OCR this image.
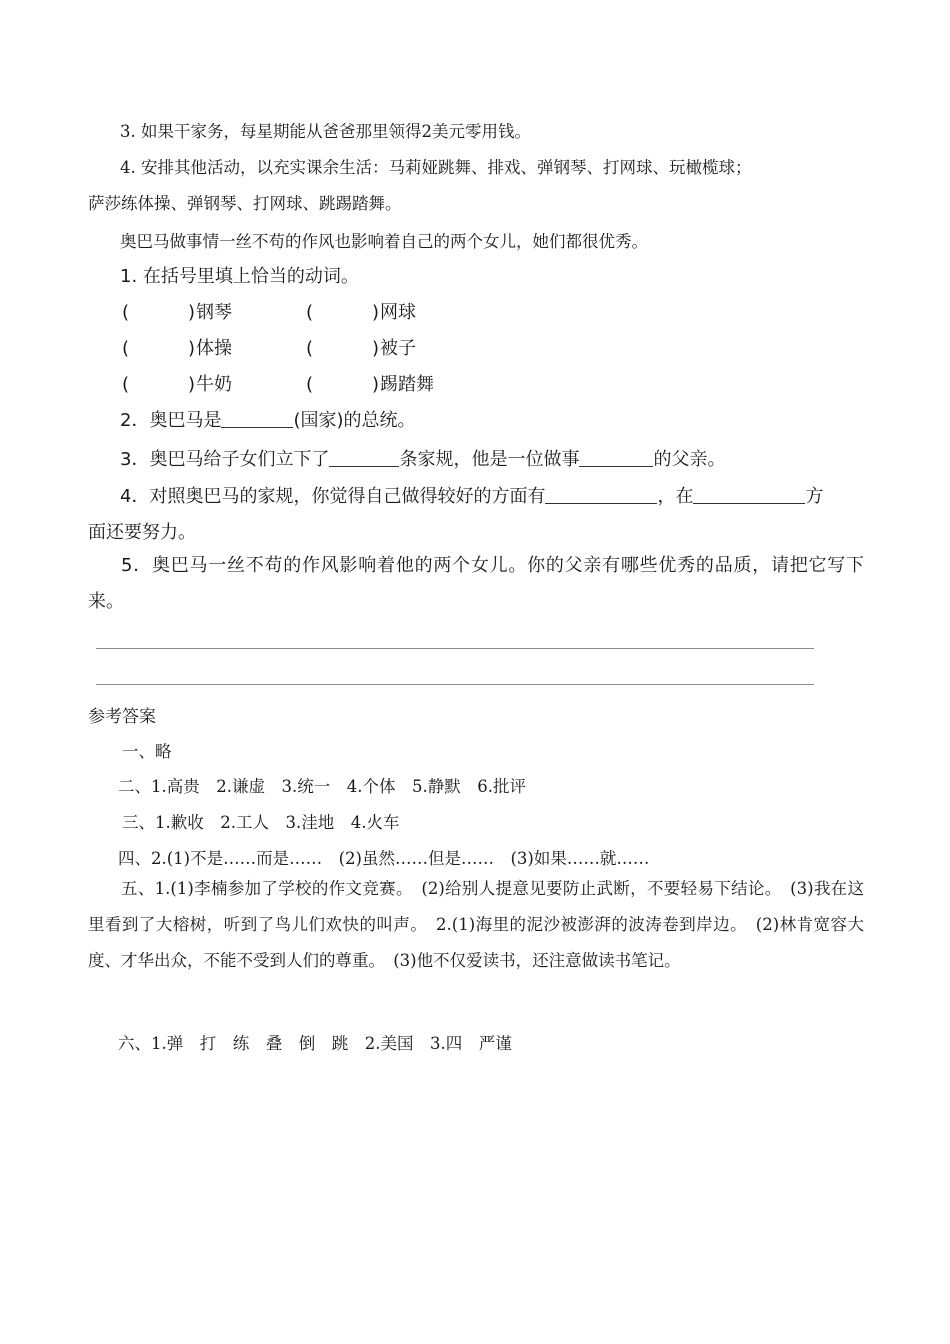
3. 如果干家务，每星期能从爸爸那里领得2美元零用钱。
4. 安排其他活动，以充实课余生活：马莉娅跳舞、排戏、弹钢琴、打网球、玩橄榄球；
萨莎练体操、弹钢琴、打网球、跳踢踏舞。
奥巴马做事情一丝不苟的作风也影响着自己的两个女儿，她们都很优秀。
1. 在括号里填上恰当的动词。
(	)钢琴	(	)网球
(	)体操	(	)被子
(	)牛奶	(	)踢踏舞
2．奥巴马是	(国家)的总统。
3．奥巴马给子女们立下了	条家规，他是一位做事	的父亲。
4．对照奥巴马的家规，你觉得自己做得较好的方面有	，在	方
面还要努力。
5．奥巴马一丝不苟的作风影响着他的两个女儿。你的父亲有哪些优秀的品质，请把它写下来。
参考答案
一、略
二、1.高贵　2.谦虚　3.统一　4.个体　5.静默　6.批评
三、1.歉收　2.工人　3.洼地　4.火车
四、2.(1)不是……而是……　(2)虽然……但是……　(3)如果……就……
五、1.(1)李楠参加了学校的作文竞赛。　(2)给别人提意见要防止武断，不要轻易下结论。　(3)我在这里看到了大榕树，听到了鸟儿们欢快的叫声。　2.(1)海里的泥沙被澎湃的波涛卷到岸边。　(2)林肯宽容大度、才华出众，不能不受到人们的尊重。　(3)他不仅爱读书，还注意做读书笔记。
六、1.弹　打　练　叠　倒　跳　2.美国　3.四　严谨
